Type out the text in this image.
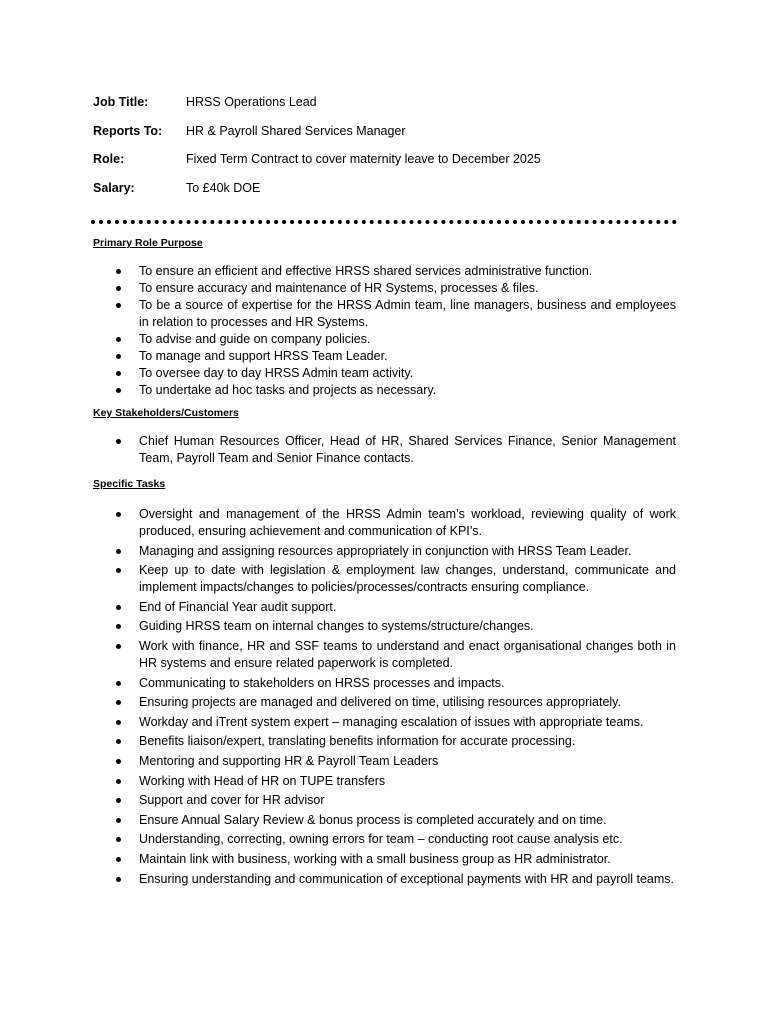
Job Title:	HRSS Operations Lead
Reports To:	HR & Payroll Shared Services Manager
Role:	Fixed Term Contract to cover maternity leave to December 2025
Salary:	To £40k DOE

Primary Role Purpose

To ensure an efficient and effective HRSS shared services administrative function.
To ensure accuracy and maintenance of HR Systems, processes & files.
To be a source of expertise for the HRSS Admin team, line managers, business and employees in relation to processes and HR Systems.
To advise and guide on company policies.
To manage and support HRSS Team Leader.
To oversee day to day HRSS Admin team activity.
To undertake ad hoc tasks and projects as necessary.

Key Stakeholders/Customers

Chief Human Resources Officer, Head of HR, Shared Services Finance, Senior Management Team, Payroll Team and Senior Finance contacts.

Specific Tasks

Oversight and management of the HRSS Admin team’s workload, reviewing quality of work produced, ensuring achievement and communication of KPI’s.
Managing and assigning resources appropriately in conjunction with HRSS Team Leader.
Keep up to date with legislation & employment law changes, understand, communicate and implement impacts/changes to policies/processes/contracts ensuring compliance.
End of Financial Year audit support.
Guiding HRSS team on internal changes to systems/structure/changes.
Work with finance, HR and SSF teams to understand and enact organisational changes both in HR systems and ensure related paperwork is completed.
Communicating to stakeholders on HRSS processes and impacts.
Ensuring projects are managed and delivered on time, utilising resources appropriately.
Workday and iTrent system expert – managing escalation of issues with appropriate teams.
Benefits liaison/expert, translating benefits information for accurate processing.
Mentoring and supporting HR & Payroll Team Leaders
Working with Head of HR on TUPE transfers
Support and cover for HR advisor
Ensure Annual Salary Review & bonus process is completed accurately and on time.
Understanding, correcting, owning errors for team – conducting root cause analysis etc.
Maintain link with business, working with a small business group as HR administrator.
Ensuring understanding and communication of exceptional payments with HR and payroll teams.
